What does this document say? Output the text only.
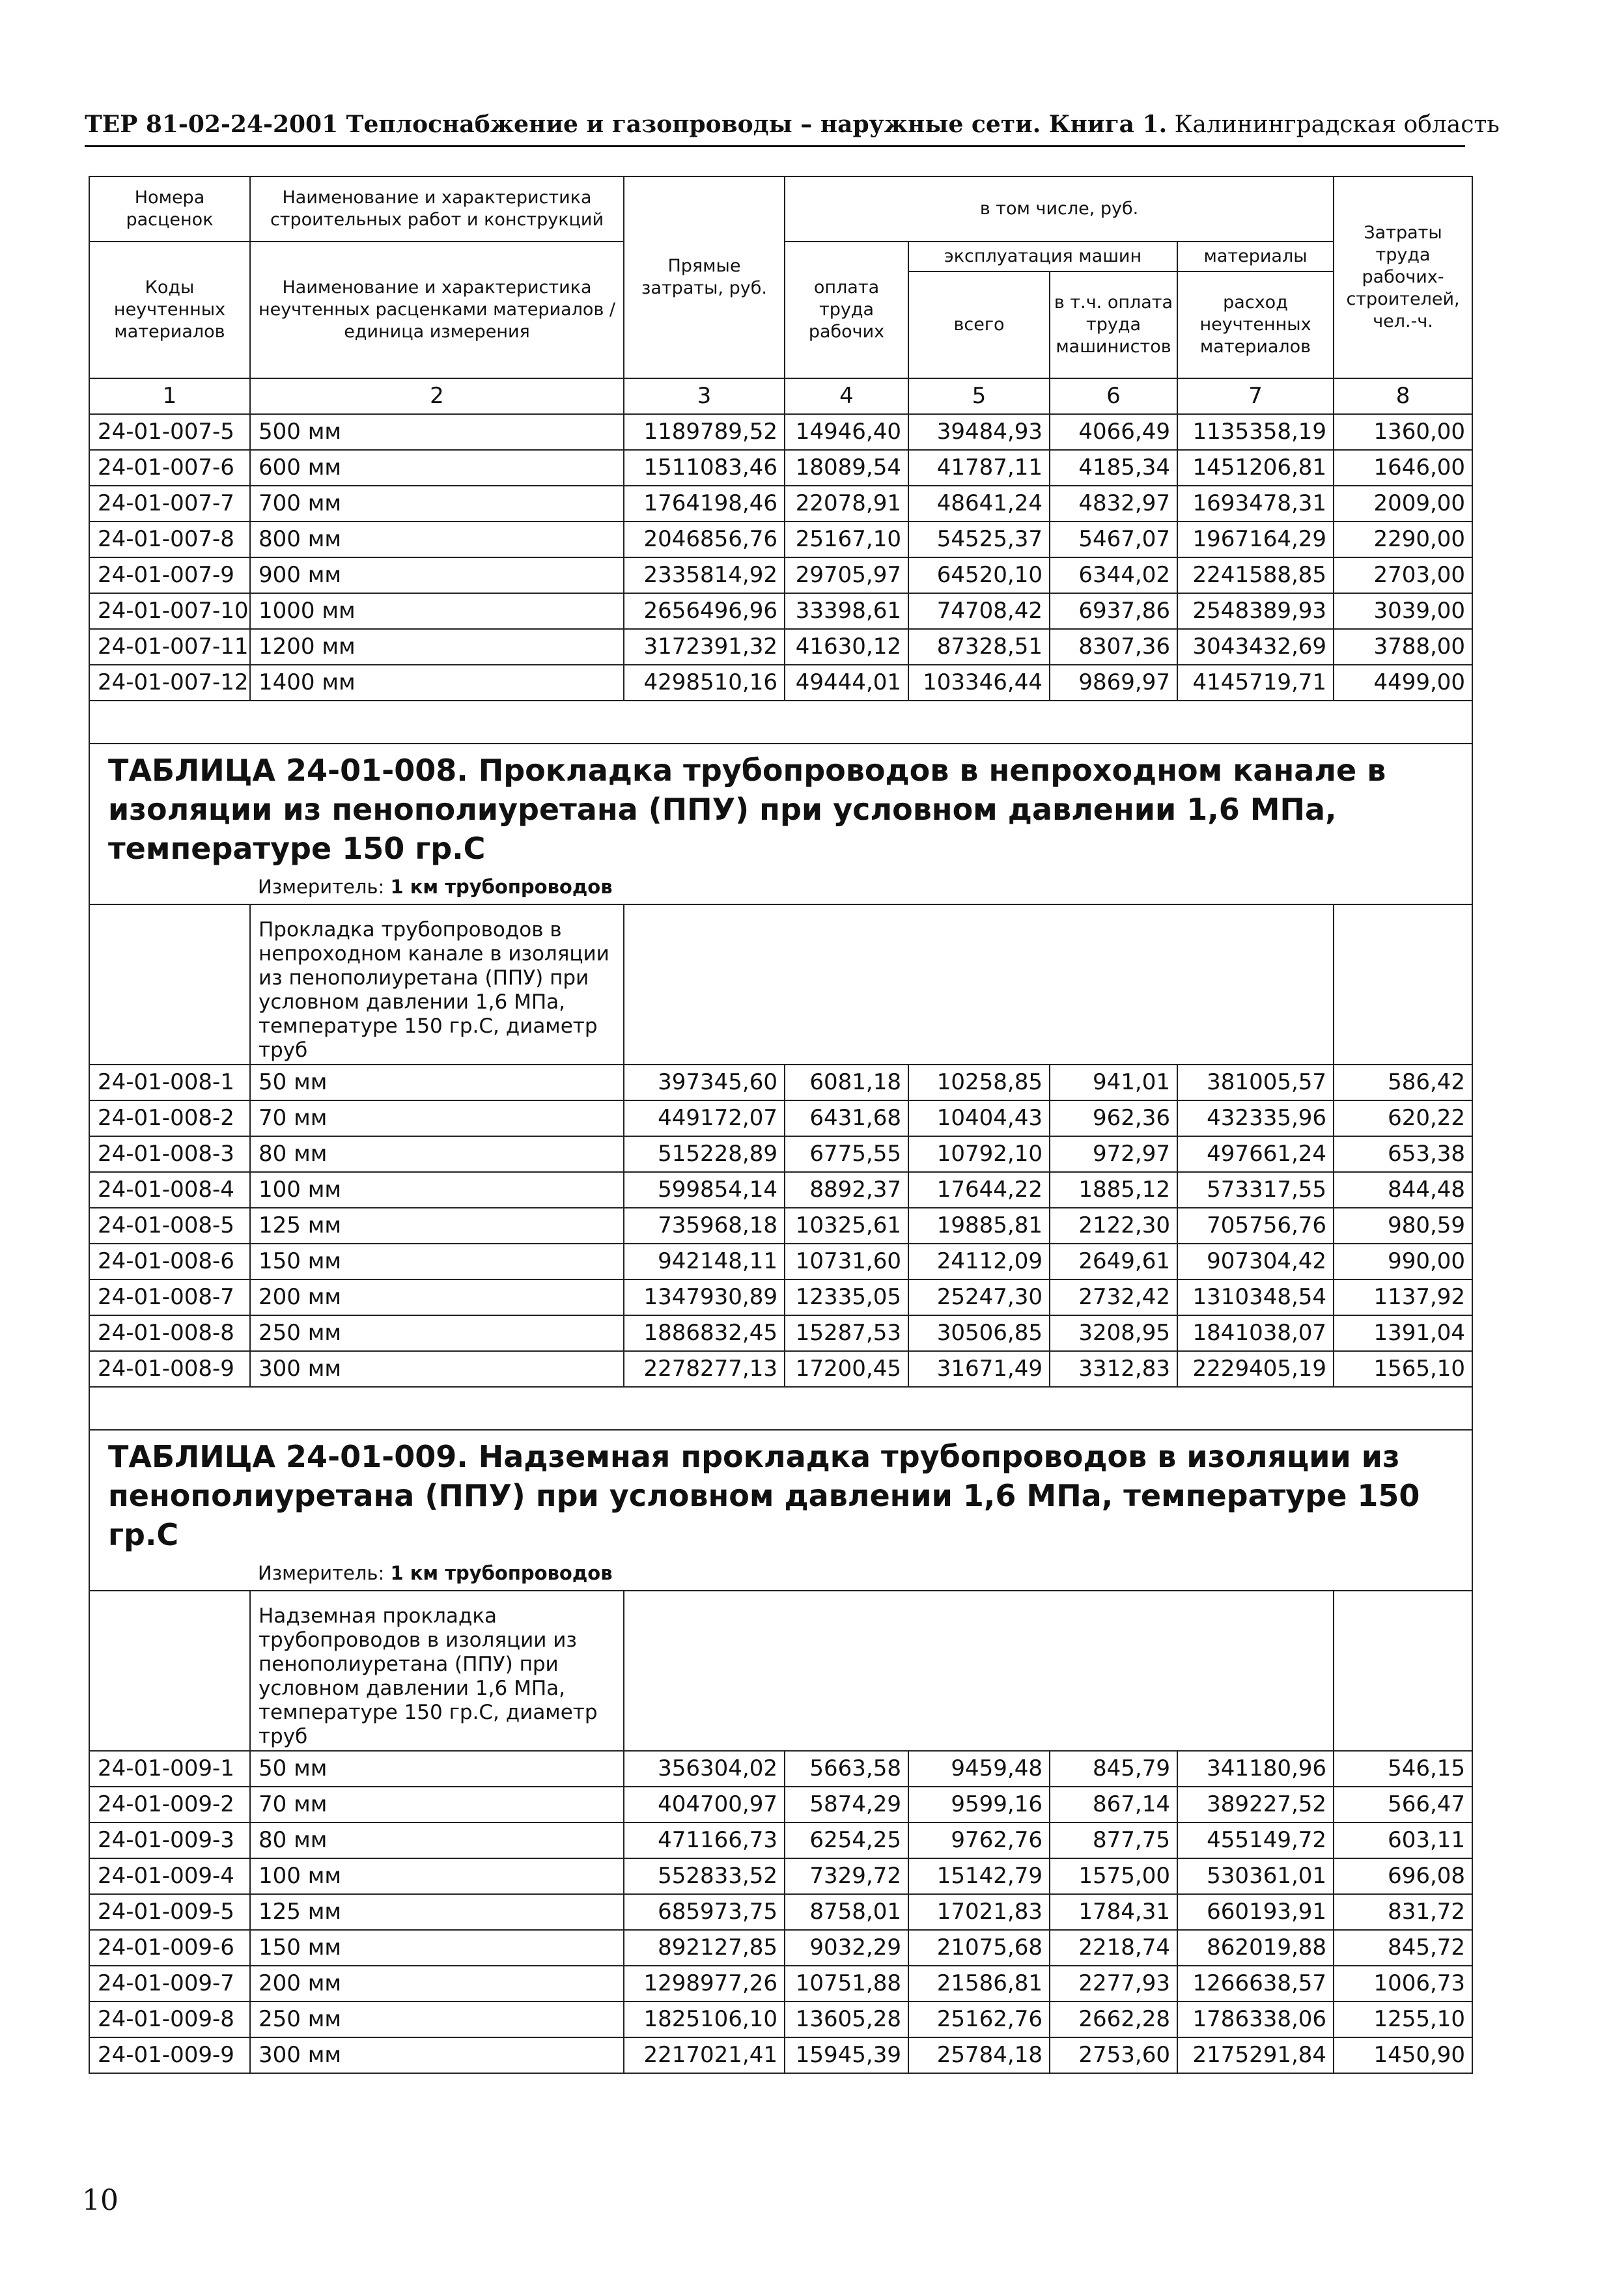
ТЕР 81-02-24-2001 Теплоснабжение и газопроводы – наружные сети. Книга 1. Калининградская область
Номера расценок	Наименование и характеристика строительных работ и конструкций	Прямые затраты, руб.	в том числе, руб.				Затраты труда рабочих-строителей, чел.-ч.
Коды неучтенных материалов	Наименование и характеристика неучтенных расценками материалов / единица измерения		оплата труда рабочих	эксплуатация машин		материалы	
				всего	в т.ч. оплата труда машинистов	расход неучтенных материалов	
1	2	3	4	5	6	7	8
24-01-007-5	500 мм	1189789,52	14946,40	39484,93	4066,49	1135358,19	1360,00
24-01-007-6	600 мм	1511083,46	18089,54	41787,11	4185,34	1451206,81	1646,00
24-01-007-7	700 мм	1764198,46	22078,91	48641,24	4832,97	1693478,31	2009,00
24-01-007-8	800 мм	2046856,76	25167,10	54525,37	5467,07	1967164,29	2290,00
24-01-007-9	900 мм	2335814,92	29705,97	64520,10	6344,02	2241588,85	2703,00
24-01-007-10	1000 мм	2656496,96	33398,61	74708,42	6937,86	2548389,93	3039,00
24-01-007-11	1200 мм	3172391,32	41630,12	87328,51	8307,36	3043432,69	3788,00
24-01-007-12	1400 мм	4298510,16	49444,01	103346,44	9869,97	4145719,71	4499,00

ТАБЛИЦА 24-01-008. Прокладка трубопроводов в непроходном канале в изоляции из пенополиуретана (ППУ) при условном давлении 1,6 МПа, температуре 150 гр.С							
	Измеритель: 1 км трубопроводов						
	Прокладка трубопроводов в непроходном канале в изоляции из пенополиуретана (ППУ) при условном давлении 1,6 МПа, температуре 150 гр.С, диаметр труб						
24-01-008-1	50 мм	397345,60	6081,18	10258,85	941,01	381005,57	586,42
24-01-008-2	70 мм	449172,07	6431,68	10404,43	962,36	432335,96	620,22
24-01-008-3	80 мм	515228,89	6775,55	10792,10	972,97	497661,24	653,38
24-01-008-4	100 мм	599854,14	8892,37	17644,22	1885,12	573317,55	844,48
24-01-008-5	125 мм	735968,18	10325,61	19885,81	2122,30	705756,76	980,59
24-01-008-6	150 мм	942148,11	10731,60	24112,09	2649,61	907304,42	990,00
24-01-008-7	200 мм	1347930,89	12335,05	25247,30	2732,42	1310348,54	1137,92
24-01-008-8	250 мм	1886832,45	15287,53	30506,85	3208,95	1841038,07	1391,04
24-01-008-9	300 мм	2278277,13	17200,45	31671,49	3312,83	2229405,19	1565,10

ТАБЛИЦА 24-01-009. Надземная прокладка трубопроводов в изоляции из пенополиуретана (ППУ) при условном давлении 1,6 МПа, температуре 150 гр.С							
	Измеритель: 1 км трубопроводов						
	Надземная прокладка трубопроводов в изоляции из пенополиуретана (ППУ) при условном давлении 1,6 МПа, температуре 150 гр.С, диаметр труб						
24-01-009-1	50 мм	356304,02	5663,58	9459,48	845,79	341180,96	546,15
24-01-009-2	70 мм	404700,97	5874,29	9599,16	867,14	389227,52	566,47
24-01-009-3	80 мм	471166,73	6254,25	9762,76	877,75	455149,72	603,11
24-01-009-4	100 мм	552833,52	7329,72	15142,79	1575,00	530361,01	696,08
24-01-009-5	125 мм	685973,75	8758,01	17021,83	1784,31	660193,91	831,72
24-01-009-6	150 мм	892127,85	9032,29	21075,68	2218,74	862019,88	845,72
24-01-009-7	200 мм	1298977,26	10751,88	21586,81	2277,93	1266638,57	1006,73
24-01-009-8	250 мм	1825106,10	13605,28	25162,76	2662,28	1786338,06	1255,10
24-01-009-9	300 мм	2217021,41	15945,39	25784,18	2753,60	2175291,84	1450,90
10
